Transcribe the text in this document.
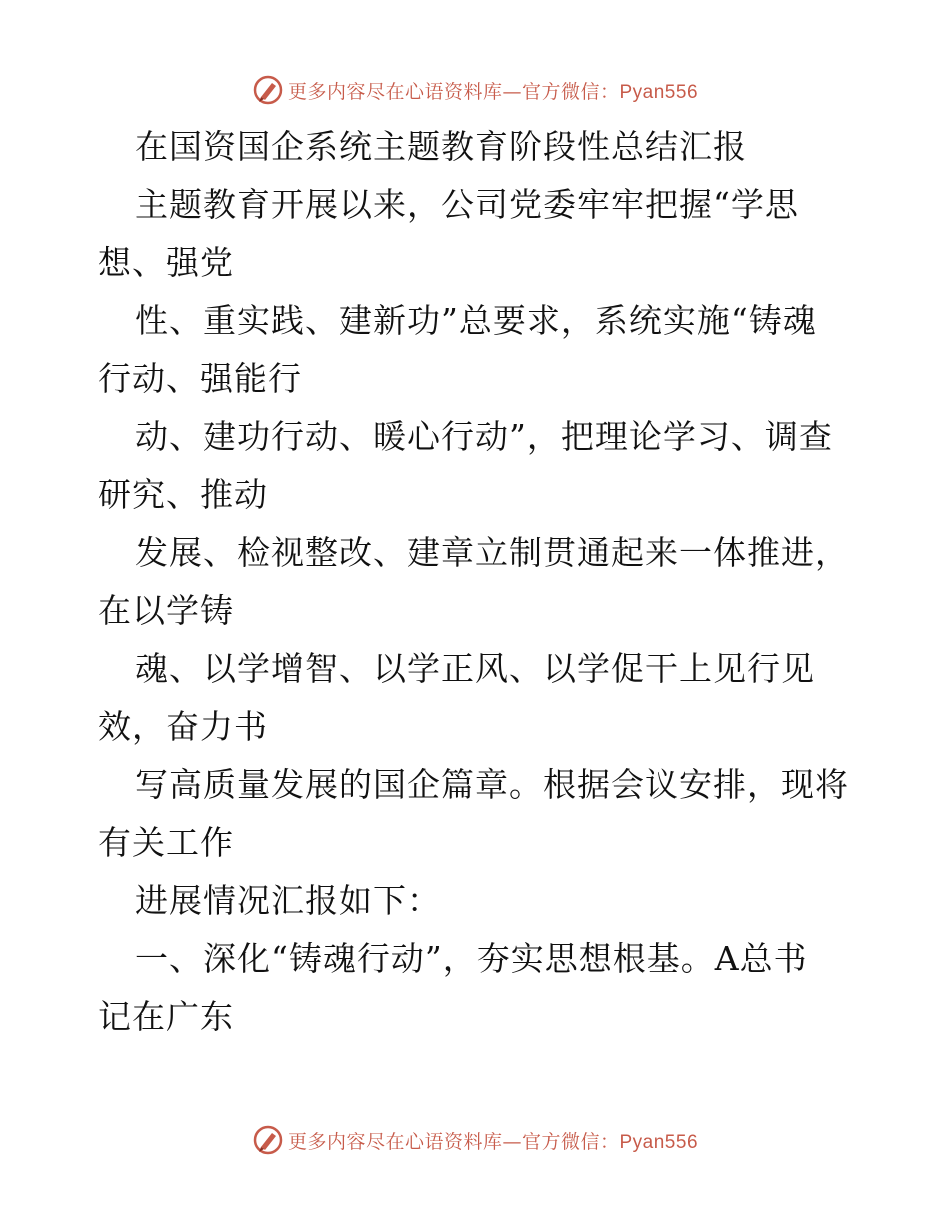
更多内容尽在心语资料库—官方微信：Pyan556
在国资国企系统主题教育阶段性总结汇报
主题教育开展以来，公司党委牢牢把握“学思
想、强党
性、重实践、建新功”总要求，系统实施“铸魂
行动、强能行
动、建功行动、暖心行动”，把理论学习、调查
研究、推动
发展、检视整改、建章立制贯通起来一体推进，
在以学铸
魂、以学增智、以学正风、以学促干上见行见
效，奋力书
写高质量发展的国企篇章。根据会议安排，现将
有关工作
进展情况汇报如下：
一、深化“铸魂行动”，夯实思想根基。A总书
记在广东
更多内容尽在心语资料库—官方微信：Pyan556
